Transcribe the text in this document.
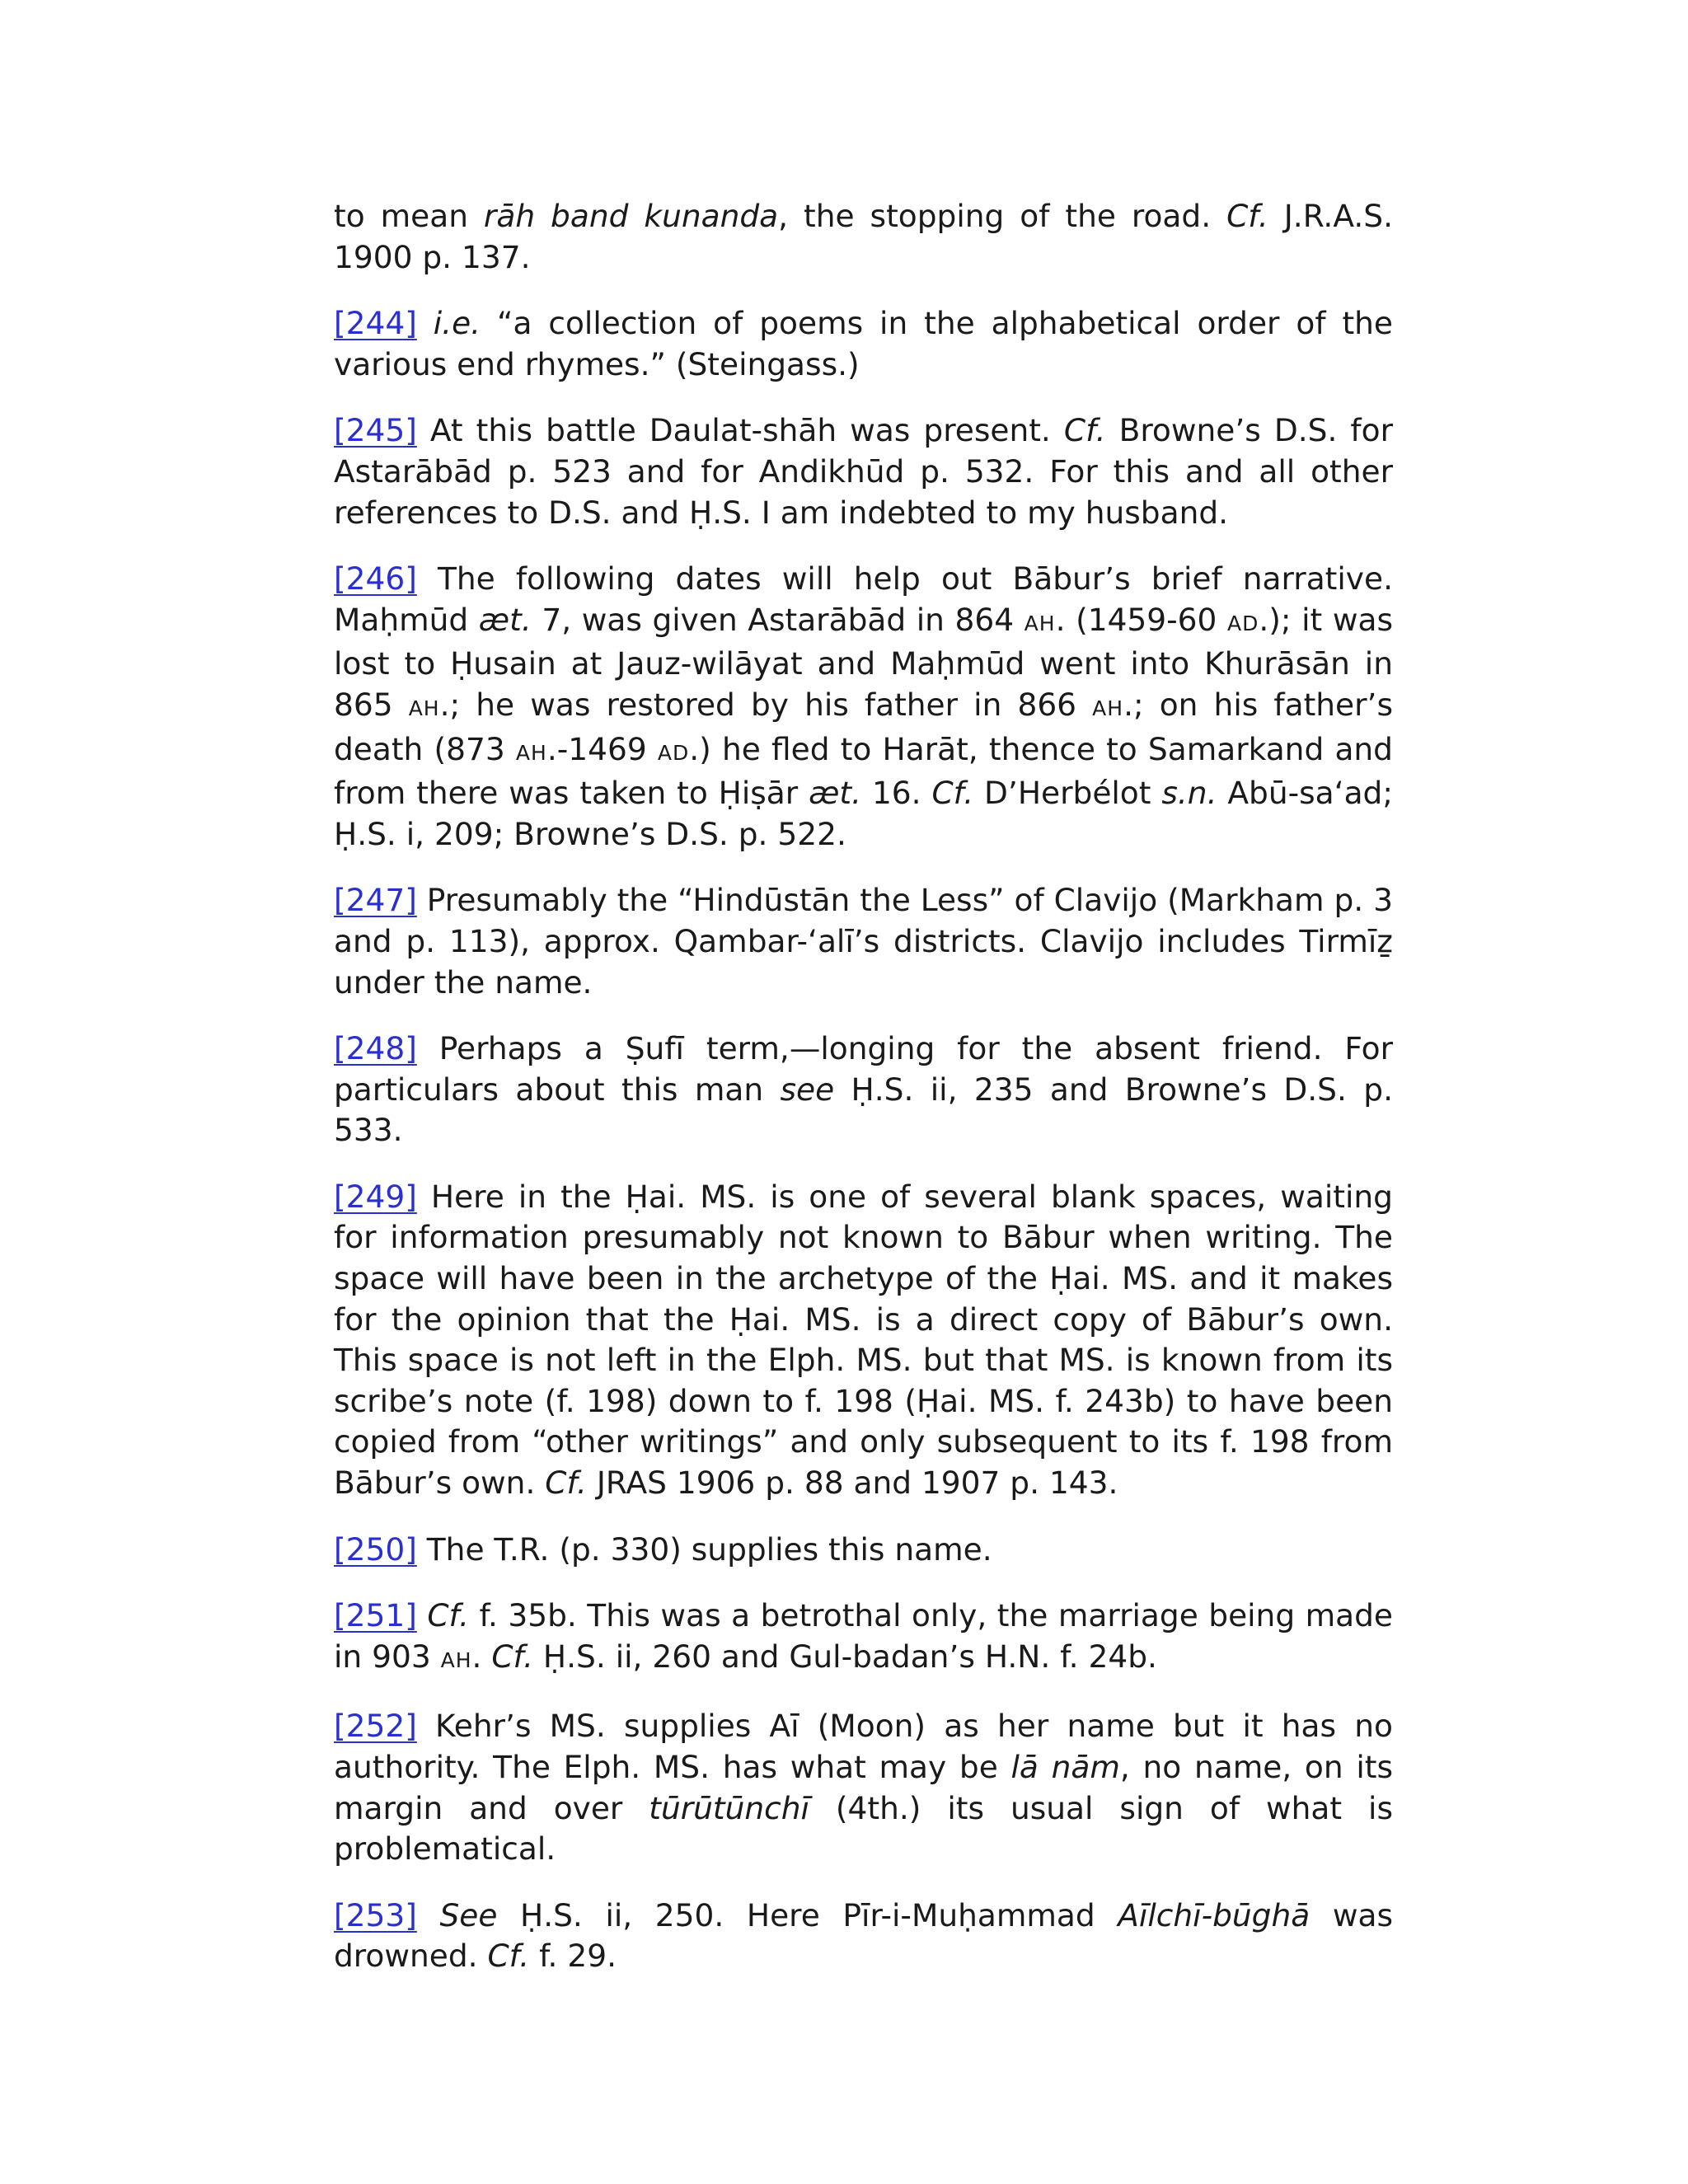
to mean rāh band kunanda, the stopping of the road. Cf. J.R.A.S. 1900 p. 137.

[244] i.e. “a collection of poems in the alphabetical order of the various end rhymes.” (Steingass.)

[245] At this battle Daulat-shāh was present. Cf. Browne’s D.S. for Astarābād p. 523 and for Andikhūd p. 532. For this and all other references to D.S. and Ḥ.S. I am indebted to my husband.

[246] The following dates will help out Bābur’s brief narrative. Maḥmūd æt. 7, was given Astarābād in 864 AH. (1459-60 AD.); it was lost to Ḥusain at Jauz-wilāyat and Maḥmūd went into Khurāsān in 865 AH.; he was restored by his father in 866 AH.; on his father’s death (873 AH.-1469 AD.) he fled to Harāt, thence to Samarkand and from there was taken to Ḥiṣār æt. 16. Cf. D’Herbélot s.n. Abū-sa‘ad; Ḥ.S. i, 209; Browne’s D.S. p. 522.

[247] Presumably the “Hindūstān the Less” of Clavijo (Markham p. 3 and p. 113), approx. Qambar-‘alī’s districts. Clavijo includes Tirmīẕ under the name.

[248] Perhaps a Ṣufī term,—longing for the absent friend. For particulars about this man see Ḥ.S. ii, 235 and Browne’s D.S. p. 533.

[249] Here in the Ḥai. MS. is one of several blank spaces, waiting for information presumably not known to Bābur when writing. The space will have been in the archetype of the Ḥai. MS. and it makes for the opinion that the Ḥai. MS. is a direct copy of Bābur’s own. This space is not left in the Elph. MS. but that MS. is known from its scribe’s note (f. 198) down to f. 198 (Ḥai. MS. f. 243b) to have been copied from “other writings” and only subsequent to its f. 198 from Bābur’s own. Cf. JRAS 1906 p. 88 and 1907 p. 143.

[250] The T.R. (p. 330) supplies this name.

[251] Cf. f. 35b. This was a betrothal only, the marriage being made in 903 AH. Cf. Ḥ.S. ii, 260 and Gul-badan’s H.N. f. 24b.

[252] Kehr’s MS. supplies Aī (Moon) as her name but it has no authority. The Elph. MS. has what may be lā nām, no name, on its margin and over tūrūtūnchī (4th.) its usual sign of what is problematical.

[253] See Ḥ.S. ii, 250. Here Pīr-i-Muḥammad Aīlchī-būghā was drowned. Cf. f. 29.
